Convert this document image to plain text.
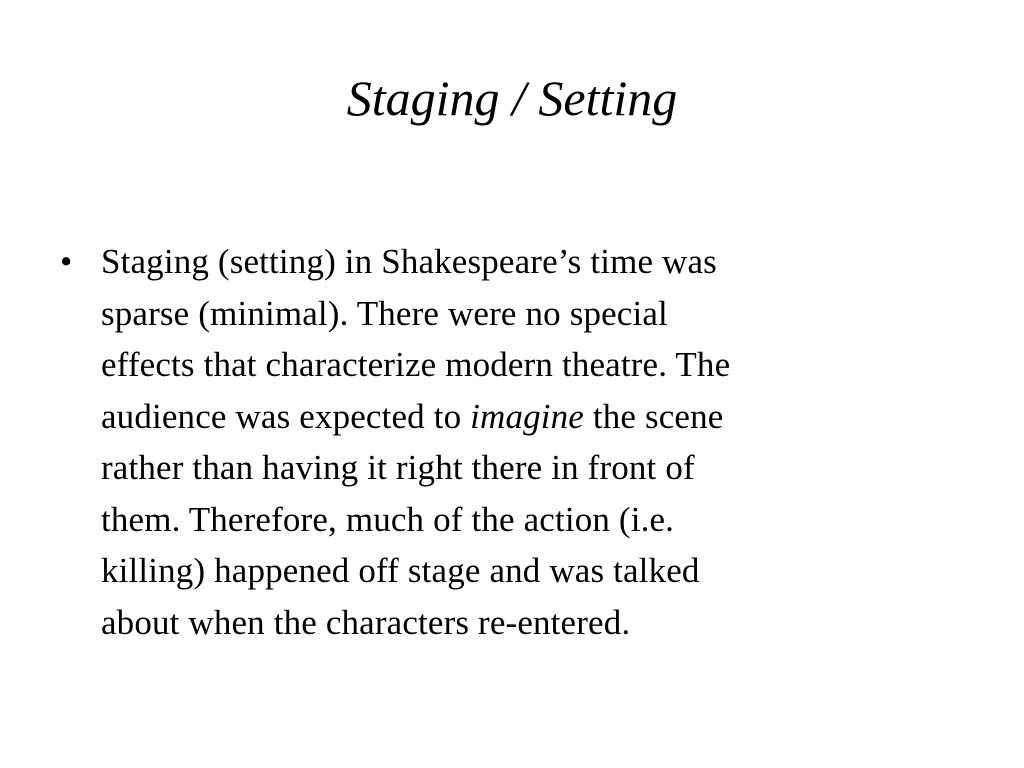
Staging / Setting
• Staging (setting) in Shakespeare’s time was
sparse (minimal). There were no special
effects that characterize modern theatre. The
audience was expected to imagine the scene
rather than having it right there in front of
them. Therefore, much of the action (i.e.
killing) happened off stage and was talked
about when the characters re-entered.
